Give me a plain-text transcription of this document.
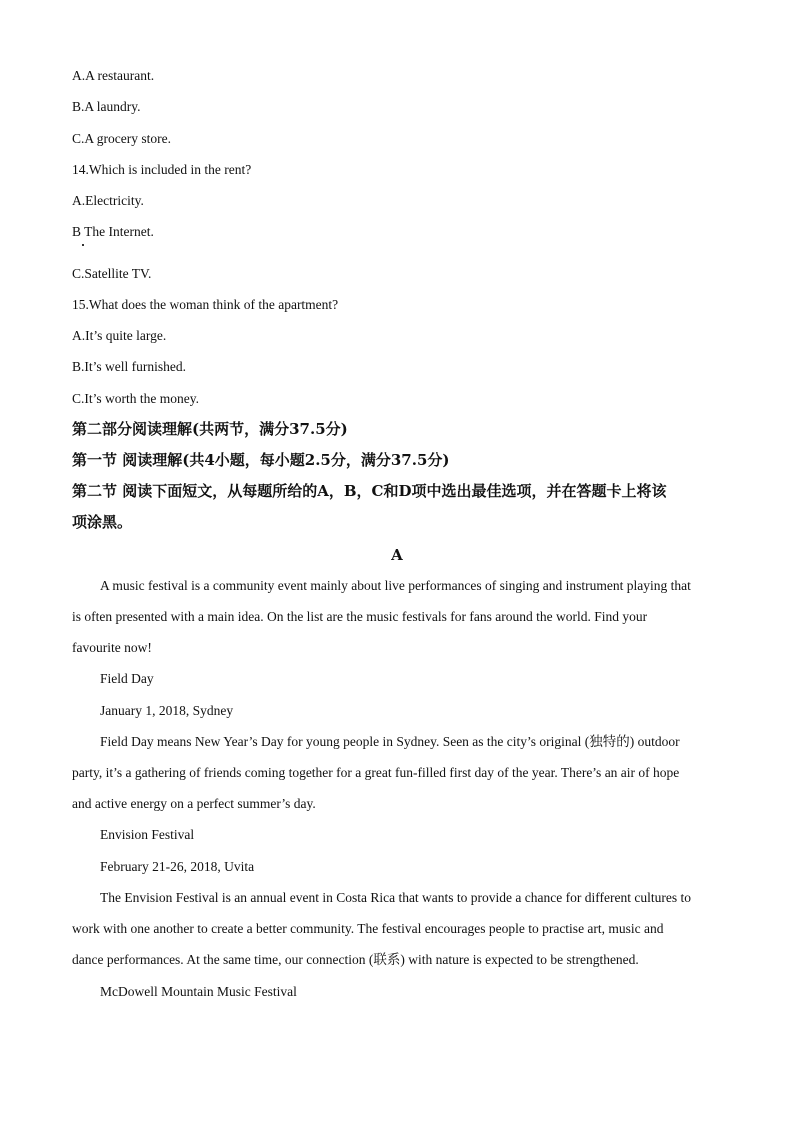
A.A restaurant.
B.A laundry.
C.A grocery store.
14.Which is included in the rent?
A.Electricity.
B The Internet.
C.Satellite TV.
15.What does the woman think of the apartment?
A.It’s quite large.
B.It’s well furnished.
C.It’s worth the money.
第二部分阅读理解(共两节，满分37.5分)
第一节 阅读理解(共4小题，每小题2.5分，满分37.5分)
第二节 阅读下面短文，从每题所给的A，B，C和D项中选出最佳选项，并在答题卡上将该
项涂黑。
A
A music festival is a community event mainly about live performances of singing and instrument playing that
is often presented with a main idea. On the list are the music festivals for fans around the world. Find your
favourite now!
Field Day
January 1, 2018, Sydney
Field Day means New Year’s Day for young people in Sydney. Seen as the city’s original (独特的) outdoor
party, it’s a gathering of friends coming together for a great fun-filled first day of the year. There’s an air of hope
and active energy on a perfect summer’s day.
Envision Festival
February 21-26, 2018, Uvita
The Envision Festival is an annual event in Costa Rica that wants to provide a chance for different cultures to
work with one another to create a better community. The festival encourages people to practise art, music and
dance performances. At the same time, our connection (联系) with nature is expected to be strengthened.
McDowell Mountain Music Festival
